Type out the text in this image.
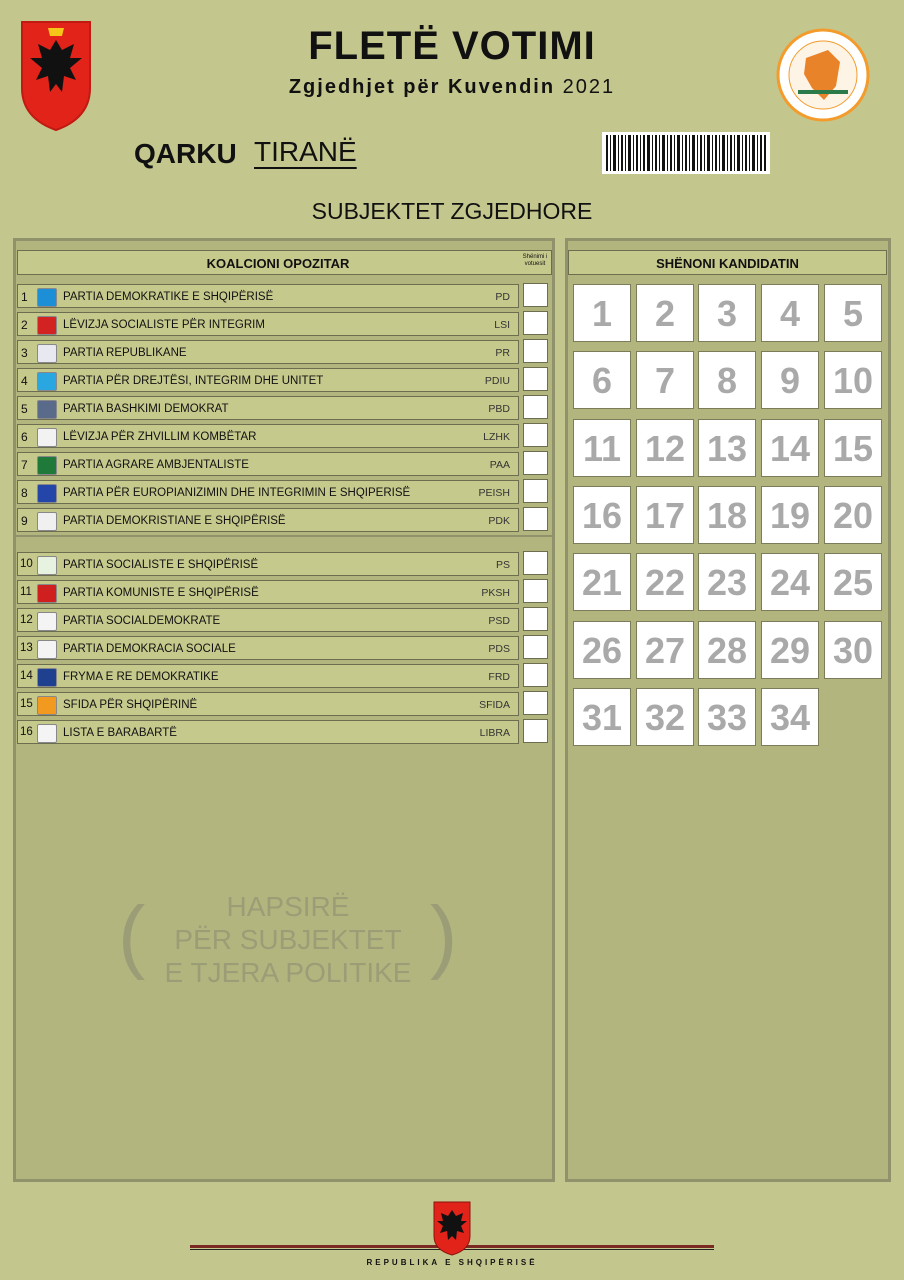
FLETË VOTIMI
Zgjedhjet për Kuvendin 2021
QARKU TIRANË
SUBJEKTET ZGJEDHORE
KOALCIONI OPOZITAR	Shënimi i votuesit	SHËNONI KANDIDATIN
1	PARTIA DEMOKRATIKE E SHQIPËRISË	PD
2	LËVIZJA SOCIALISTE PËR INTEGRIM	LSI
3	PARTIA REPUBLIKANE	PR
4	PARTIA PËR DREJTËSI, INTEGRIM DHE UNITET	PDIU
5	PARTIA BASHKIMI DEMOKRAT	PBD
6	LËVIZJA PËR ZHVILLIM KOMBËTAR	LZHK
7	PARTIA AGRARE AMBJENTALISTE	PAA
8	PARTIA PËR EUROPIANIZIMIN DHE INTEGRIMIN E SHQIPERISË	PEISH
9	PARTIA DEMOKRISTIANE E SHQIPËRISË	PDK
10	PARTIA SOCIALISTE E SHQIPËRISË	PS
11	PARTIA KOMUNISTE E SHQIPËRISË	PKSH
12	PARTIA SOCIALDEMOKRATE	PSD
13	PARTIA DEMOKRACIA SOCIALE	PDS
14	FRYMA E RE DEMOKRATIKE	FRD
15	SFIDA PËR SHQIPËRINË	SFIDA
16	LISTA E BARABARTË	LIBRA
1	2	3	4	5
6	7	8	9 10
11 12 13 14 15
16 17 18 19 20
21 22 23 24 25
26 27 28 29 30
31 32 33 34
(	HAPSIRË
PËR SUBJEKTET
E TJERA POLITIKE )
REPUBLIKA E SHQIPËRISË
